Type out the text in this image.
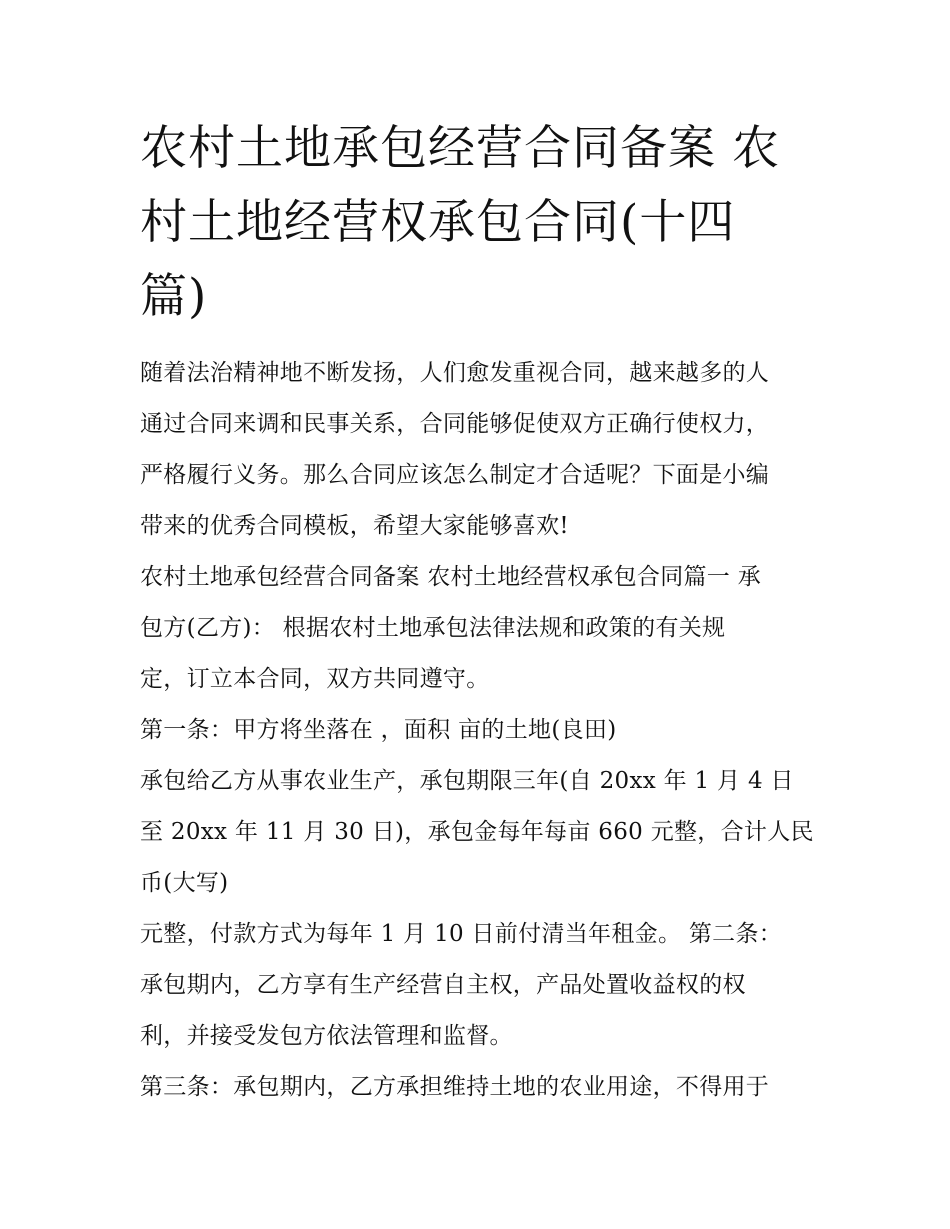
农村土地承包经营合同备案 农
村土地经营权承包合同(十四
篇)
随着法治精神地不断发扬，人们愈发重视合同，越来越多的人
通过合同来调和民事关系，合同能够促使双方正确行使权力，
严格履行义务。那么合同应该怎么制定才合适呢？下面是小编
带来的优秀合同模板，希望大家能够喜欢!
农村土地承包经营合同备案 农村土地经营权承包合同篇一 承
包方(乙方)： 根据农村土地承包法律法规和政策的有关规
定，订立本合同，双方共同遵守。
第一条：甲方将坐落在 ，面积 亩的土地(良田)
承包给乙方从事农业生产，承包期限三年(自 20xx 年 1 月 4 日
至 20xx 年 11 月 30 日)，承包金每年每亩 660 元整，合计人民
币(大写)
元整，付款方式为每年 1 月 10 日前付清当年租金。 第二条：
承包期内，乙方享有生产经营自主权，产品处置收益权的权
利，并接受发包方依法管理和监督。
第三条：承包期内，乙方承担维持土地的农业用途，不得用于
